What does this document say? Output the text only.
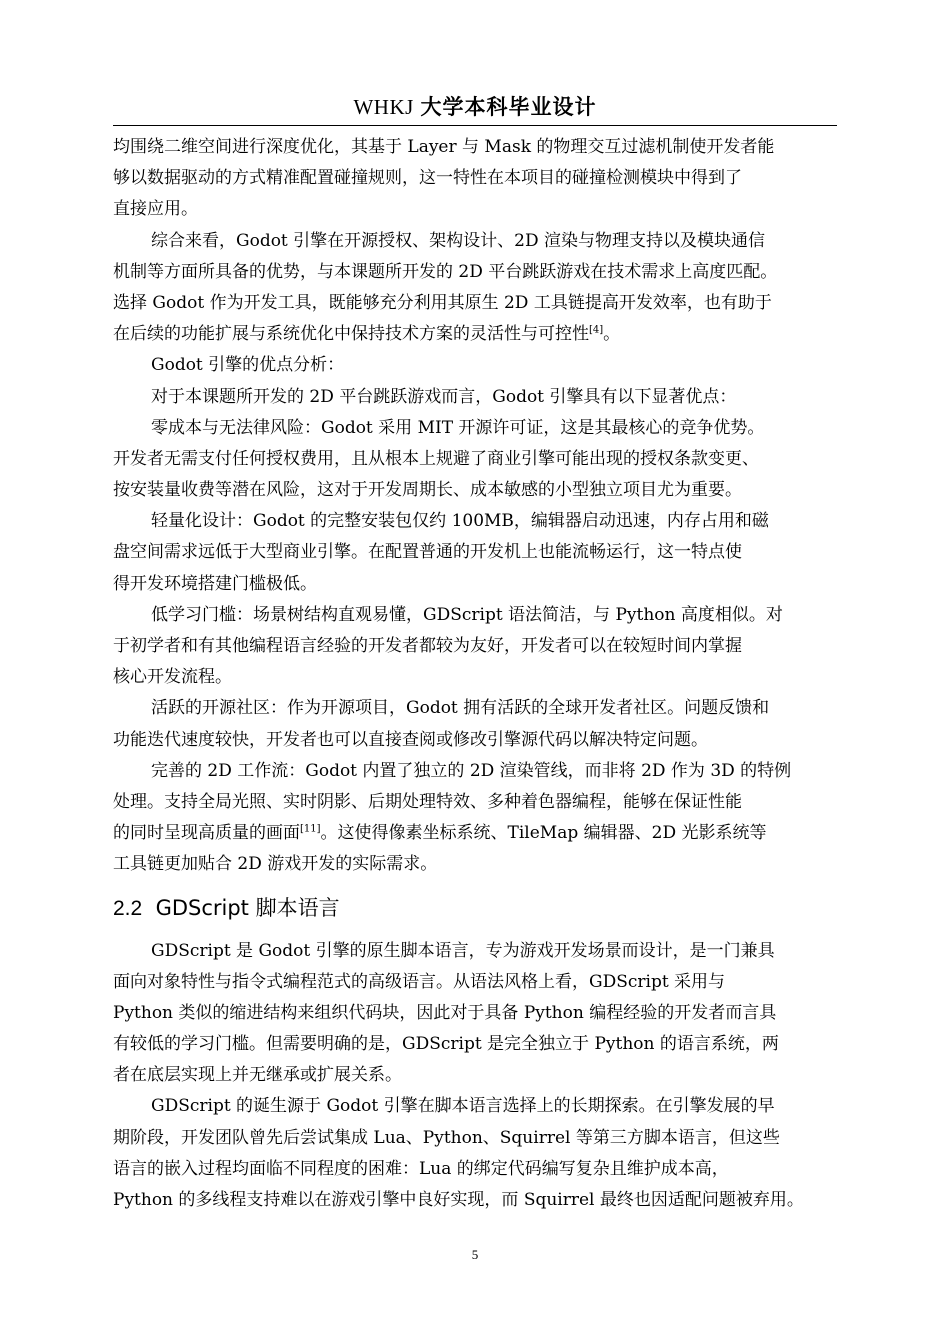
WHKJ 大学本科毕业设计

均围绕二维空间进行深度优化，其基于 Layer 与 Mask 的物理交互过滤机制使开发者能
够以数据驱动的方式精准配置碰撞规则，这一特性在本项目的碰撞检测模块中得到了
直接应用。

综合来看，Godot 引擎在开源授权、架构设计、2D 渲染与物理支持以及模块通信
机制等方面所具备的优势，与本课题所开发的 2D 平台跳跃游戏在技术需求上高度匹配。
选择 Godot 作为开发工具，既能够充分利用其原生 2D 工具链提高开发效率，也有助于
在后续的功能扩展与系统优化中保持技术方案的灵活性与可控性[4]。

Godot 引擎的优点分析：

对于本课题所开发的 2D 平台跳跃游戏而言，Godot 引擎具有以下显著优点：

零成本与无法律风险：Godot 采用 MIT 开源许可证，这是其最核心的竞争优势。
开发者无需支付任何授权费用，且从根本上规避了商业引擎可能出现的授权条款变更、
按安装量收费等潜在风险，这对于开发周期长、成本敏感的小型独立项目尤为重要。

轻量化设计：Godot 的完整安装包仅约 100MB，编辑器启动迅速，内存占用和磁
盘空间需求远低于大型商业引擎。在配置普通的开发机上也能流畅运行，这一特点使
得开发环境搭建门槛极低。

低学习门槛：场景树结构直观易懂，GDScript 语法简洁，与 Python 高度相似。对
于初学者和有其他编程语言经验的开发者都较为友好，开发者可以在较短时间内掌握
核心开发流程。

活跃的开源社区：作为开源项目，Godot 拥有活跃的全球开发者社区。问题反馈和
功能迭代速度较快，开发者也可以直接查阅或修改引擎源代码以解决特定问题。

完善的 2D 工作流：Godot 内置了独立的 2D 渲染管线，而非将 2D 作为 3D 的特例
处理。支持全局光照、实时阴影、后期处理特效、多种着色器编程，能够在保证性能
的同时呈现高质量的画面[11]。这使得像素坐标系统、TileMap 编辑器、2D 光影系统等
工具链更加贴合 2D 游戏开发的实际需求。

2.2 GDScript 脚本语言

GDScript 是 Godot 引擎的原生脚本语言，专为游戏开发场景而设计，是一门兼具
面向对象特性与指令式编程范式的高级语言。从语法风格上看，GDScript 采用与
Python 类似的缩进结构来组织代码块，因此对于具备 Python 编程经验的开发者而言具
有较低的学习门槛。但需要明确的是，GDScript 是完全独立于 Python 的语言系统，两
者在底层实现上并无继承或扩展关系。

GDScript 的诞生源于 Godot 引擎在脚本语言选择上的长期探索。在引擎发展的早
期阶段，开发团队曾先后尝试集成 Lua、Python、Squirrel 等第三方脚本语言，但这些
语言的嵌入过程均面临不同程度的困难：Lua 的绑定代码编写复杂且维护成本高，
Python 的多线程支持难以在游戏引擎中良好实现，而 Squirrel 最终也因适配问题被弃用。

5
